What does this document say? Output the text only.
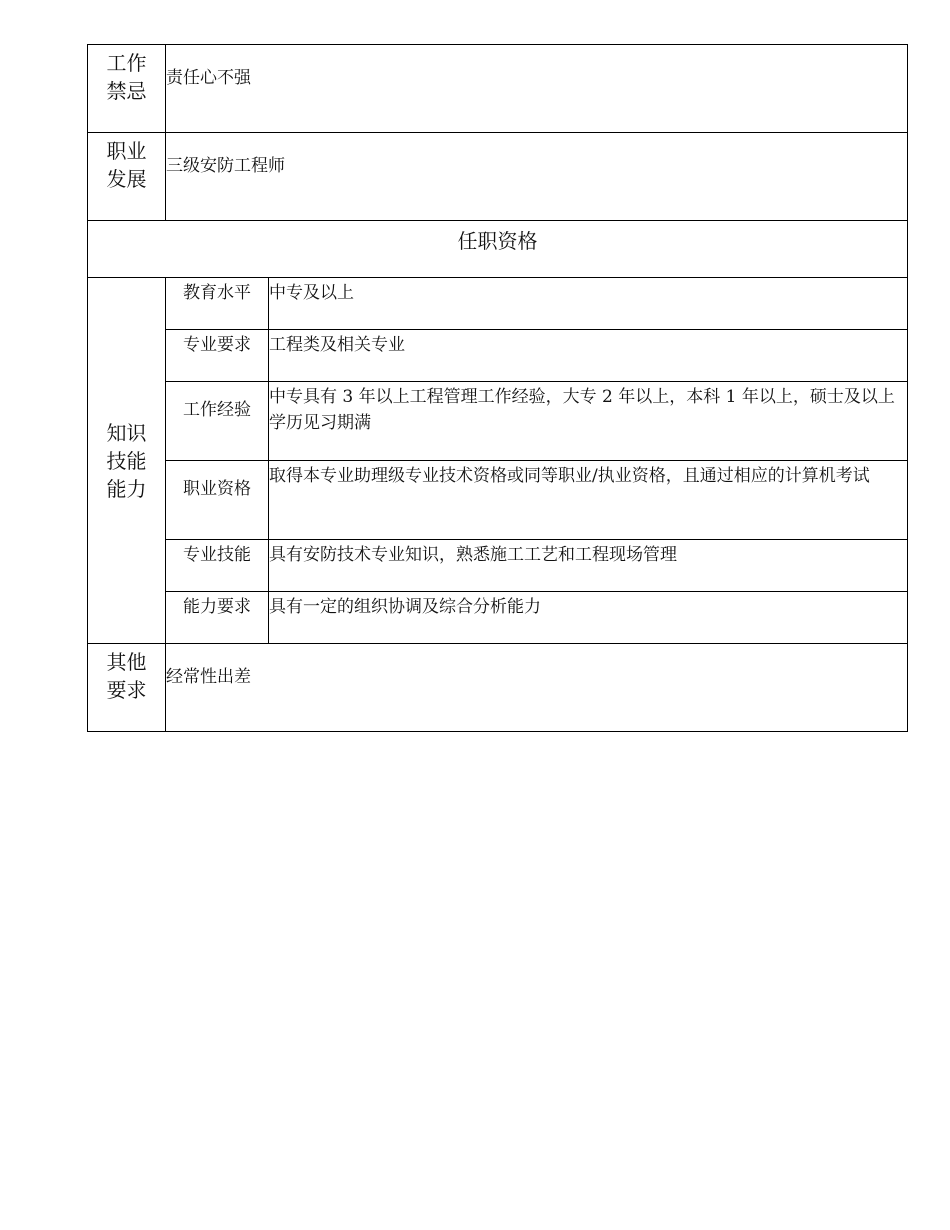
工作禁忌	责任心不强	
职业发展	三级安防工程师	
任职资格		
知识技能能力	教育水平	中专及以上
	专业要求	工程类及相关专业
	工作经验	中专具有 3 年以上工程管理工作经验，大专 2 年以上，本科 1 年以上，硕士及以上学历见习期满
	职业资格	取得本专业助理级专业技术资格或同等职业/执业资格，且通过相应的计算机考试
	专业技能	具有安防技术专业知识，熟悉施工工艺和工程现场管理
	能力要求	具有一定的组织协调及综合分析能力
其他要求	经常性出差	
